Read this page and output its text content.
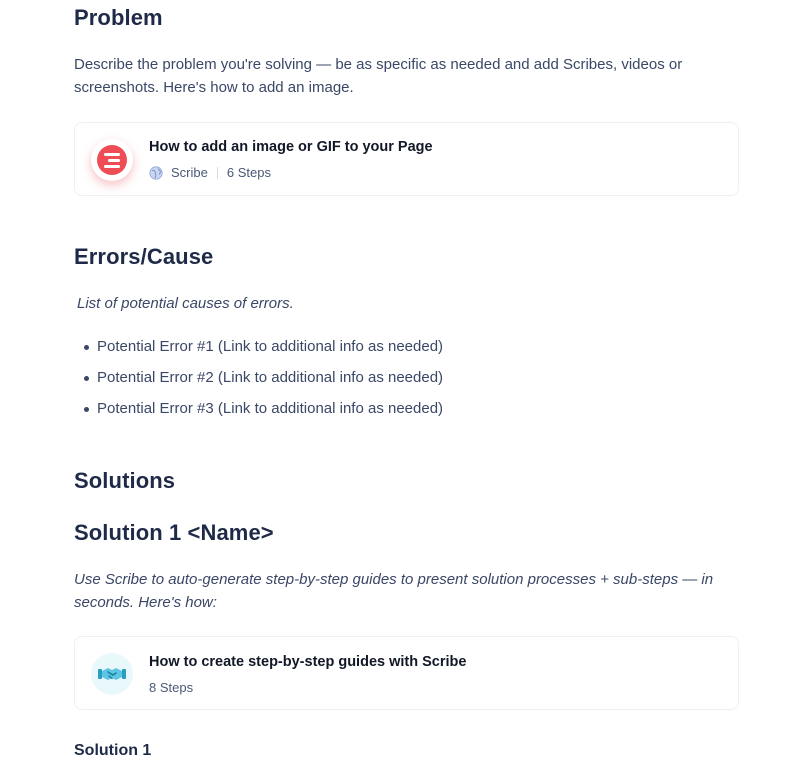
Problem

Describe the problem you're solving — be as specific as needed and add Scribes, videos or screenshots. Here's how to add an image.

How to add an image or GIF to your Page
Scribe 6 Steps
Errors/Cause

List of potential causes of errors.

Potential Error #1 (Link to additional info as needed)
Potential Error #2 (Link to additional info as needed)
Potential Error #3 (Link to additional info as needed)
Solutions
Solution 1 <Name>

Use Scribe to auto-generate step-by-step guides to present solution processes + sub-steps — in seconds. Here's how:

How to create step-by-step guides with Scribe
8 Steps
Solution 1
